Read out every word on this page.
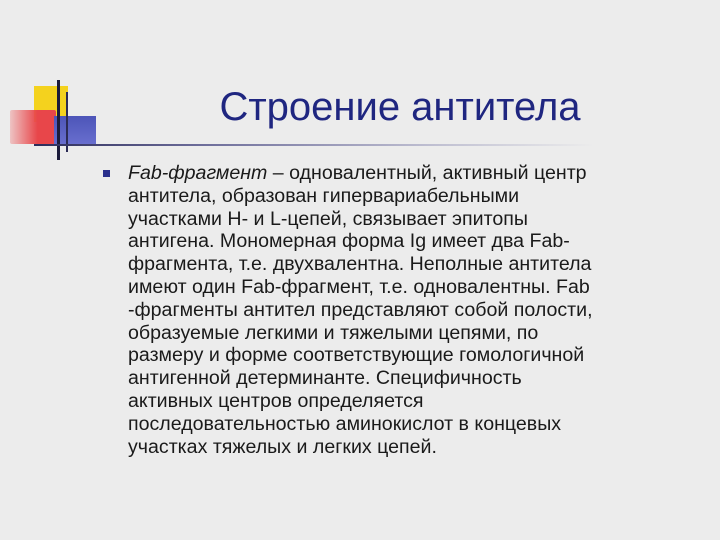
Строение антитела
Fab-фрагмент – одновалентный, активный центр
антитела, образован гипервариабельными
участками H- и L-цепей, связывает эпитопы
антигена. Мономерная форма Ig имеет два Fab-
фрагмента, т.е. двухвалентна. Неполные антитела
имеют один Fab-фрагмент, т.е. одновалентны. Fab
-фрагменты антител представляют собой полости,
образуемые легкими и тяжелыми цепями, по
размеру и форме соответствующие гомологичной
антигенной детерминанте. Специфичность
активных центров определяется
последовательностью аминокислот в концевых
участках тяжелых и легких цепей.
